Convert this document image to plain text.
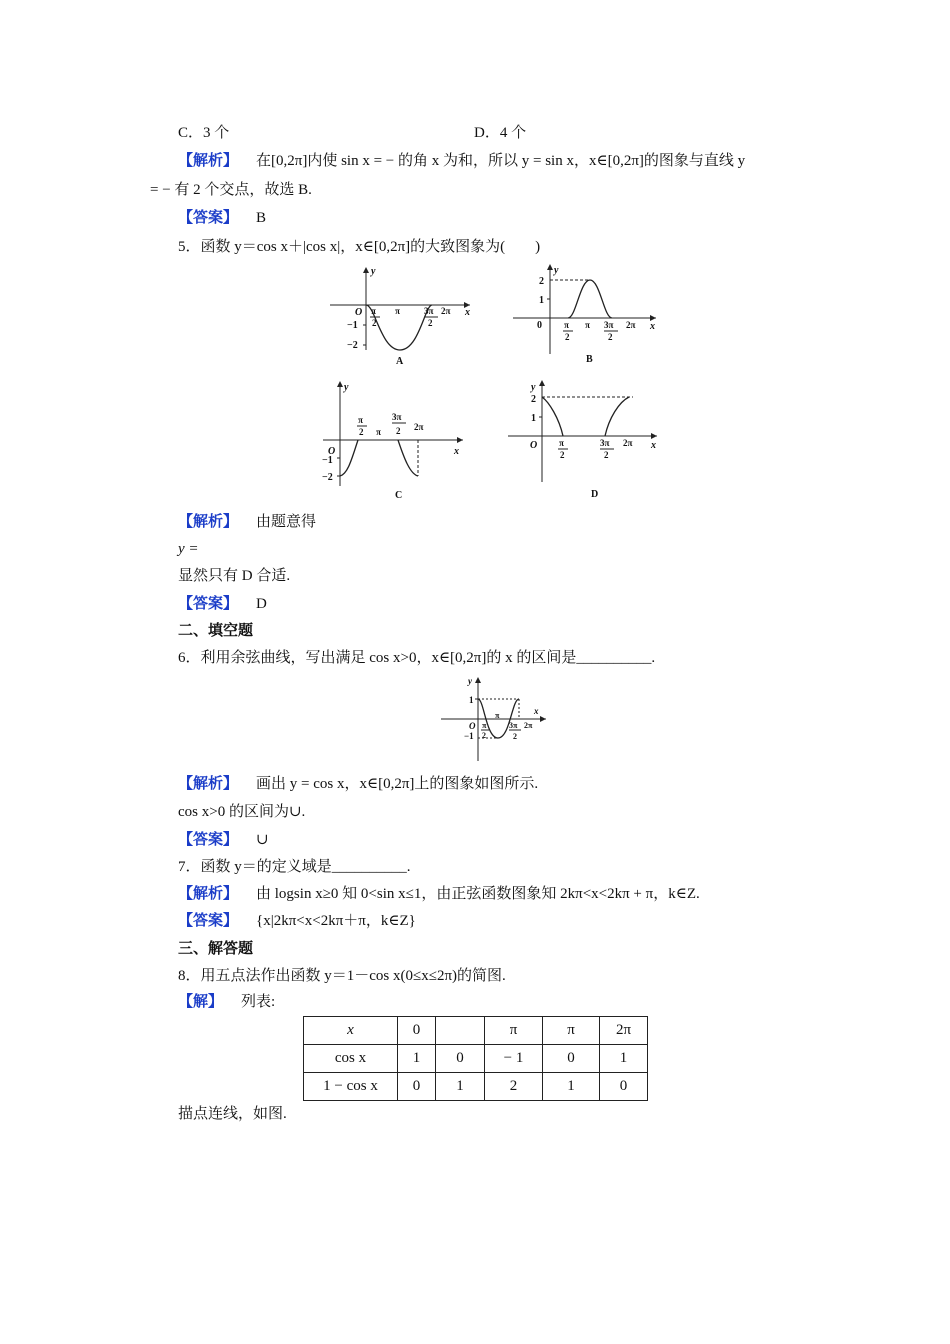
C．3 个	D．4 个
【解析】 在[0,2π]内使 sin x = − 的角 x 为和，所以 y = sin x，x∈[0,2π]的图象与直线 y
= − 有 2 个交点，故选 B.
【答案】 B
5．函数 y＝cos x＋|cos x|，x∈[0,2π]的大致图象为(　　)
y
x
O π
2
π	3π
2
2π
−1
−2
A
y
x
2
1
0 π
2
π 3π
2
2π
B
y
x
O
π
2 π
3π
2 2π
−1
−2
C
y
x
2
1
O π
2
3π
2
2π
D
【解析】 由题意得
y =
显然只有 D 合适.
【答案】 D
二、填空题
6．利用余弦曲线，写出满足 cos x>0，x∈[0,2π]的 x 的区间是__________.
y
1
O
−1
π
2
π
3π
2
2π
x
【解析】 画出 y = cos x，x∈[0,2π]上的图象如图所示.
cos x>0 的区间为∪.
【答案】 ∪
7．函数 y＝的定义域是__________.
【解析】 由 logsin x≥0 知 0<sin x≤1，由正弦函数图象知 2kπ<x<2kπ + π，k∈Z.
【答案】 {x|2kπ<x<2kπ＋π，k∈Z}
三、解答题
8．用五点法作出函数 y＝1－cos x(0≤x≤2π)的简图.
【解】 列表:
x	0		π	π	2π
cos x	1	0	− 1	0	1
1 − cos x	0	1	2	1	0
描点连线，如图.
